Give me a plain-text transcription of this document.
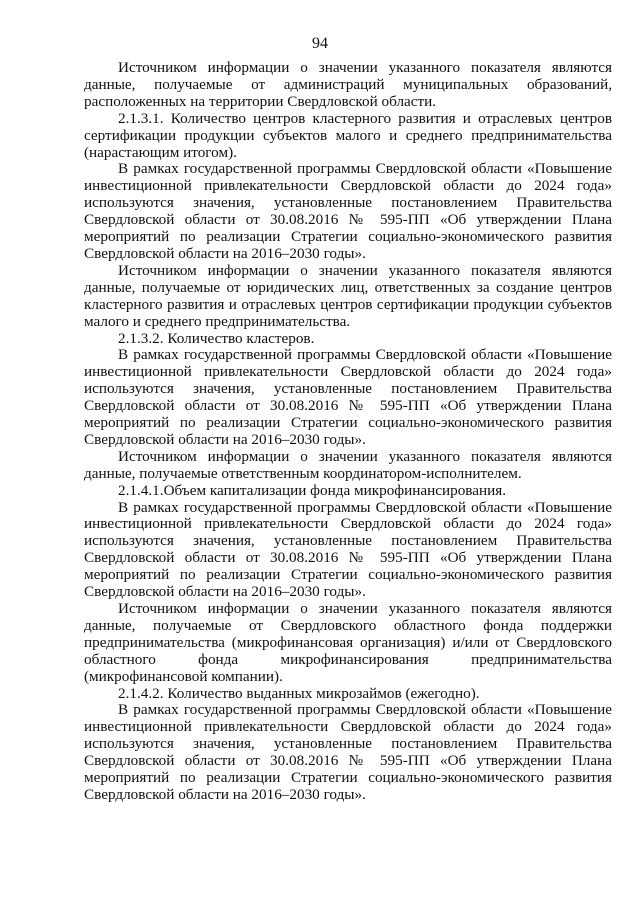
94

Источником информации о значении указанного показателя являются данные, получаемые от администраций муниципальных образований, расположенных на территории Свердловской области.

2.1.3.1. Количество центров кластерного развития и отраслевых центров сертификации продукции субъектов малого и среднего предпринимательства (нарастающим итогом).

В рамках государственной программы Свердловской области «Повышение инвестиционной привлекательности Свердловской области до 2024 года» используются значения, установленные постановлением Правительства Свердловской области от 30.08.2016 № 595-ПП «Об утверждении Плана мероприятий по реализации Стратегии социально-экономического развития Свердловской области на 2016–2030 годы».

Источником информации о значении указанного показателя являются данные, получаемые от юридических лиц, ответственных за создание центров кластерного развития и отраслевых центров сертификации продукции субъектов малого и среднего предпринимательства.

2.1.3.2. Количество кластеров.

В рамках государственной программы Свердловской области «Повышение инвестиционной привлекательности Свердловской области до 2024 года» используются значения, установленные постановлением Правительства Свердловской области от 30.08.2016 № 595-ПП «Об утверждении Плана мероприятий по реализации Стратегии социально-экономического развития Свердловской области на 2016–2030 годы».

Источником информации о значении указанного показателя являются данные, получаемые ответственным координатором-исполнителем.

2.1.4.1.Объем капитализации фонда микрофинансирования.

В рамках государственной программы Свердловской области «Повышение инвестиционной привлекательности Свердловской области до 2024 года» используются значения, установленные постановлением Правительства Свердловской области от 30.08.2016 № 595-ПП «Об утверждении Плана мероприятий по реализации Стратегии социально-экономического развития Свердловской области на 2016–2030 годы».

Источником информации о значении указанного показателя являются данные, получаемые от Свердловского областного фонда поддержки предпринимательства (микрофинансовая организация) и/или от Свердловского областного фонда микрофинансирования предпринимательства (микрофинансовой компании).

2.1.4.2. Количество выданных микрозаймов (ежегодно).

В рамках государственной программы Свердловской области «Повышение инвестиционной привлекательности Свердловской области до 2024 года» используются значения, установленные постановлением Правительства Свердловской области от 30.08.2016 № 595-ПП «Об утверждении Плана мероприятий по реализации Стратегии социально-экономического развития Свердловской области на 2016–2030 годы».
